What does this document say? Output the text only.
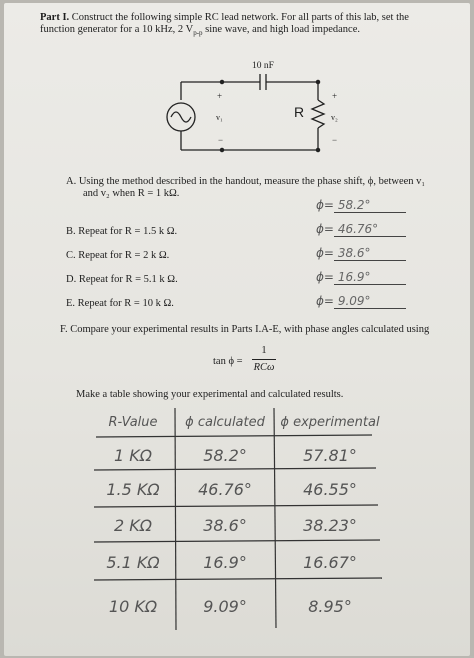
Part I. Construct the following simple RC lead network. For all parts of this lab, set the
function generator for a 10 kHz, 2 $V_{p-p}$ sine wave, and high load impedance.
10 nF
R
v₁	v₂
+
−
+
−
A. Using the method described in the handout, measure the phase shift, ϕ, between v₁
and v₂ when R = 1 kΩ.
ϕ= 58.2°
B. Repeat for R = 1.5 k Ω.	ϕ= 46.76°
C. Repeat for R = 2 k Ω.	ϕ= 38.6°
D. Repeat for R = 5.1 k Ω.	ϕ= 16.9°
E. Repeat for R = 10 k Ω.	ϕ= 9.09°
F. Compare your experimental results in Parts I.A-E, with phase angles calculated using
tan ϕ =
1
RCω
Make a table showing your experimental and calculated results.
R-Value	ϕ calculated	ϕ experimental
1 KΩ	58.2°	57.81°
1.5 KΩ	46.76°	46.55°
2 KΩ	38.6°	38.23°
5.1 KΩ	16.9°	16.67°
10 KΩ	9.09°	8.95°
